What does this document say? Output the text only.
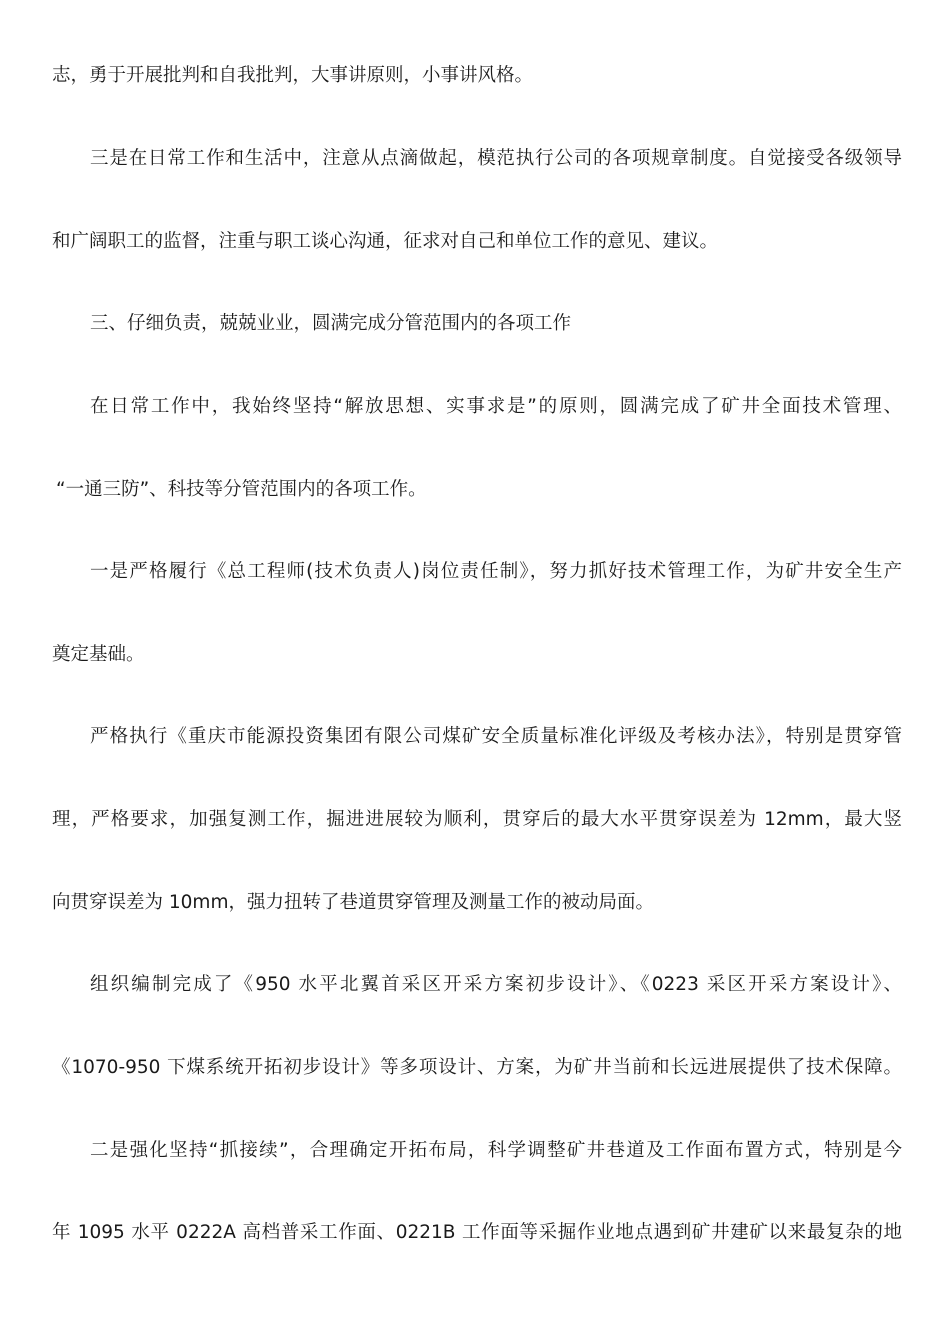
志，勇于开展批判和自我批判，大事讲原则，小事讲风格。
三是在日常工作和生活中，注意从点滴做起，模范执行公司的各项规章制度。自觉接受各级领导
和广阔职工的监督，注重与职工谈心沟通，征求对自己和单位工作的意见、建议。
三、仔细负责，兢兢业业，圆满完成分管范围内的各项工作
在日常工作中，我始终坚持“解放思想、实事求是”的原则，圆满完成了矿井全面技术管理、
“一通三防”、科技等分管范围内的各项工作。
一是严格履行《总工程师(技术负责人)岗位责任制》，努力抓好技术管理工作，为矿井安全生产
奠定基础。
严格执行《重庆市能源投资集团有限公司煤矿安全质量标准化评级及考核办法》，特别是贯穿管
理，严格要求，加强复测工作，掘进进展较为顺利，贯穿后的最大水平贯穿误差为 12mm，最大竖
向贯穿误差为 10mm，强力扭转了巷道贯穿管理及测量工作的被动局面。
组织编制完成了《950 水平北翼首采区开采方案初步设计》、《0223 采区开采方案设计》、
《1070-950 下煤系统开拓初步设计》等多项设计、方案，为矿井当前和长远进展提供了技术保障。
二是强化坚持“抓接续”，合理确定开拓布局，科学调整矿井巷道及工作面布置方式，特别是今
年 1095 水平 0222A 高档普采工作面、0221B 工作面等采掘作业地点遇到矿井建矿以来最复杂的地
